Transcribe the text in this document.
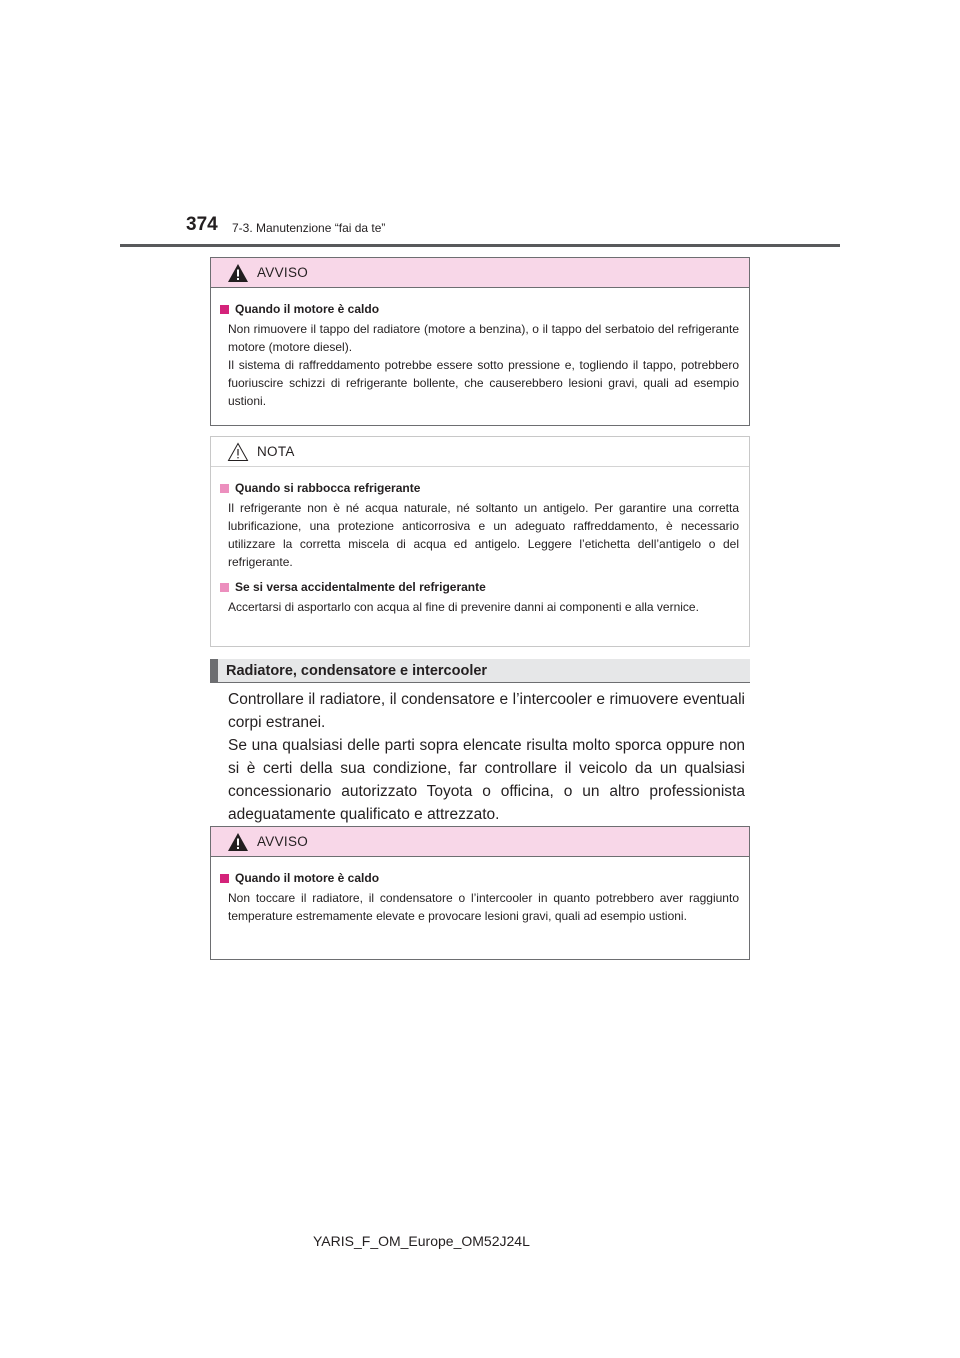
374 7-3. Manutenzione “fai da te”
AVVISO
Quando il motore è caldo

Non rimuovere il tappo del radiatore (motore a benzina), o il tappo del serbatoio del refrigerante motore (motore diesel).

Il sistema di raffreddamento potrebbe essere sotto pressione e, togliendo il tappo, potrebbero fuoriuscire schizzi di refrigerante bollente, che causerebbero lesioni gravi, quali ad esempio ustioni.

NOTA
Quando si rabbocca refrigerante

Il refrigerante non è né acqua naturale, né soltanto un antigelo. Per garantire una corretta lubrificazione, una protezione anticorrosiva e un adeguato raffreddamento, è necessario utilizzare la corretta miscela di acqua ed antigelo. Leggere l’etichetta dell’antigelo o del refrigerante.

Se si versa accidentalmente del refrigerante

Accertarsi di asportarlo con acqua al fine di prevenire danni ai componenti e alla vernice.

Radiatore, condensatore e intercooler

Controllare il radiatore, il condensatore e l’intercooler e rimuovere eventuali corpi estranei.

Se una qualsiasi delle parti sopra elencate risulta molto sporca oppure non si è certi della sua condizione, far controllare il veicolo da un qualsiasi concessionario autorizzato Toyota o officina, o un altro professionista adeguatamente qualificato e attrezzato.

AVVISO
Quando il motore è caldo

Non toccare il radiatore, il condensatore o l’intercooler in quanto potrebbero aver raggiunto temperature estremamente elevate e provocare lesioni gravi, quali ad esempio ustioni.

YARIS_F_OM_Europe_OM52J24L
